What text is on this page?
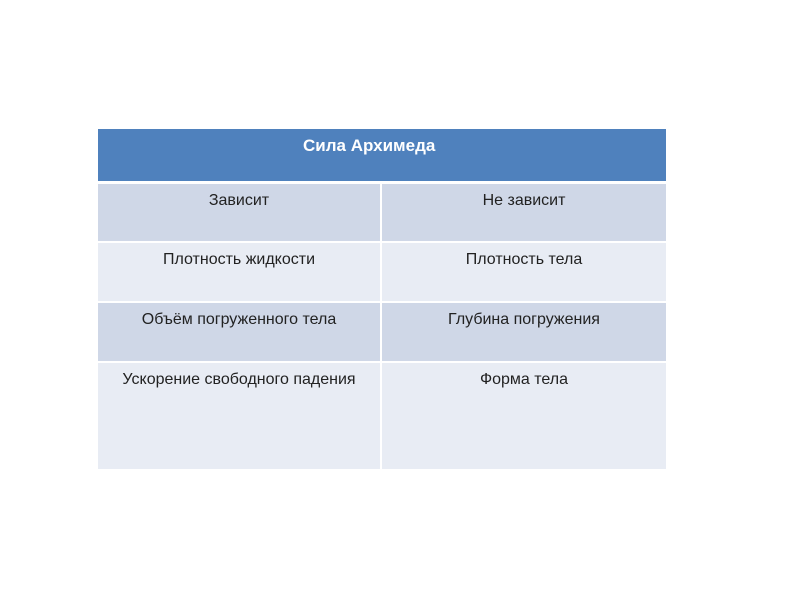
Сила Архимеда	
Зависит	Не зависит
Плотность жидкости	Плотность тела
Объём погруженного тела	Глубина погружения
Ускорение свободного падения	Форма тела
